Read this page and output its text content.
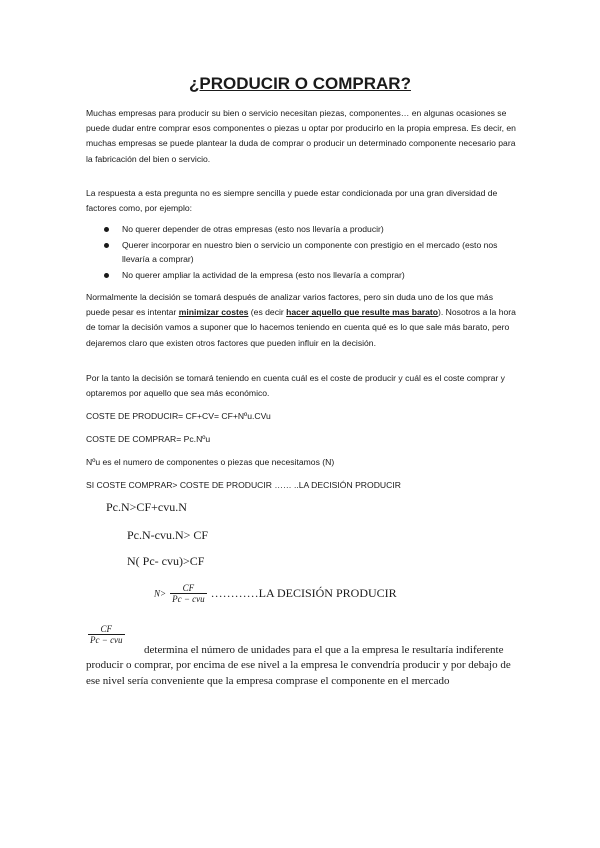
¿PRODUCIR O COMPRAR?

Muchas empresas para producir su bien o servicio necesitan piezas, componentes… en algunas ocasiones se puede dudar entre comprar esos componentes o piezas u optar por producirlo en la propia empresa. Es decir, en muchas empresas se puede plantear la duda de comprar o producir un determinado componente necesario para la fabricación del bien o servicio.

La respuesta a esta pregunta no es siempre sencilla y puede estar condicionada por una gran diversidad de factores como, por ejemplo:

No querer depender de otras empresas (esto nos llevaría a producir)
Querer incorporar en nuestro bien o servicio un componente con prestigio en el mercado (esto nos llevaría a comprar)
No querer ampliar la actividad de la empresa (esto nos llevaría a comprar)

Normalmente la decisión se tomará después de analizar varios factores, pero sin duda uno de los que más puede pesar es intentar minimizar costes (es decir hacer aquello que resulte mas barato). Nosotros a la hora de tomar la decisión vamos a suponer que lo hacemos teniendo en cuenta qué es lo que sale más barato, pero dejaremos claro que existen otros factores que pueden influir en la decisión.

Por la tanto la decisión se tomará teniendo en cuenta cuál es el coste de producir y cuál es el coste comprar y optaremos por aquello que sea más económico.

COSTE DE PRODUCIR= CF+CV= CF+Nºu.CVu
COSTE DE COMPRAR= Pc.Nºu
Nºu es el numero de componentes o piezas que necesitamos (N)
SI COSTE COMPRAR> COSTE DE PRODUCIR …… ..LA DECISIÓN PRODUCIR
Pc.N>CF+cvu.N
Pc.N-cvu.N> CF
N( Pc- cvu)>CF
$N> \frac{CF}{\text{Pc − cvu}}$ …………LA DECISIÓN PRODUCIR
$\frac{CF}{\text{Pc − cvu}}$
determina el número de unidades para el que a la empresa le resultaría indiferente producir o comprar, por encima de ese nivel a la empresa le convendría producir y por debajo de ese nivel sería conveniente que la empresa comprase el componente en el mercado
